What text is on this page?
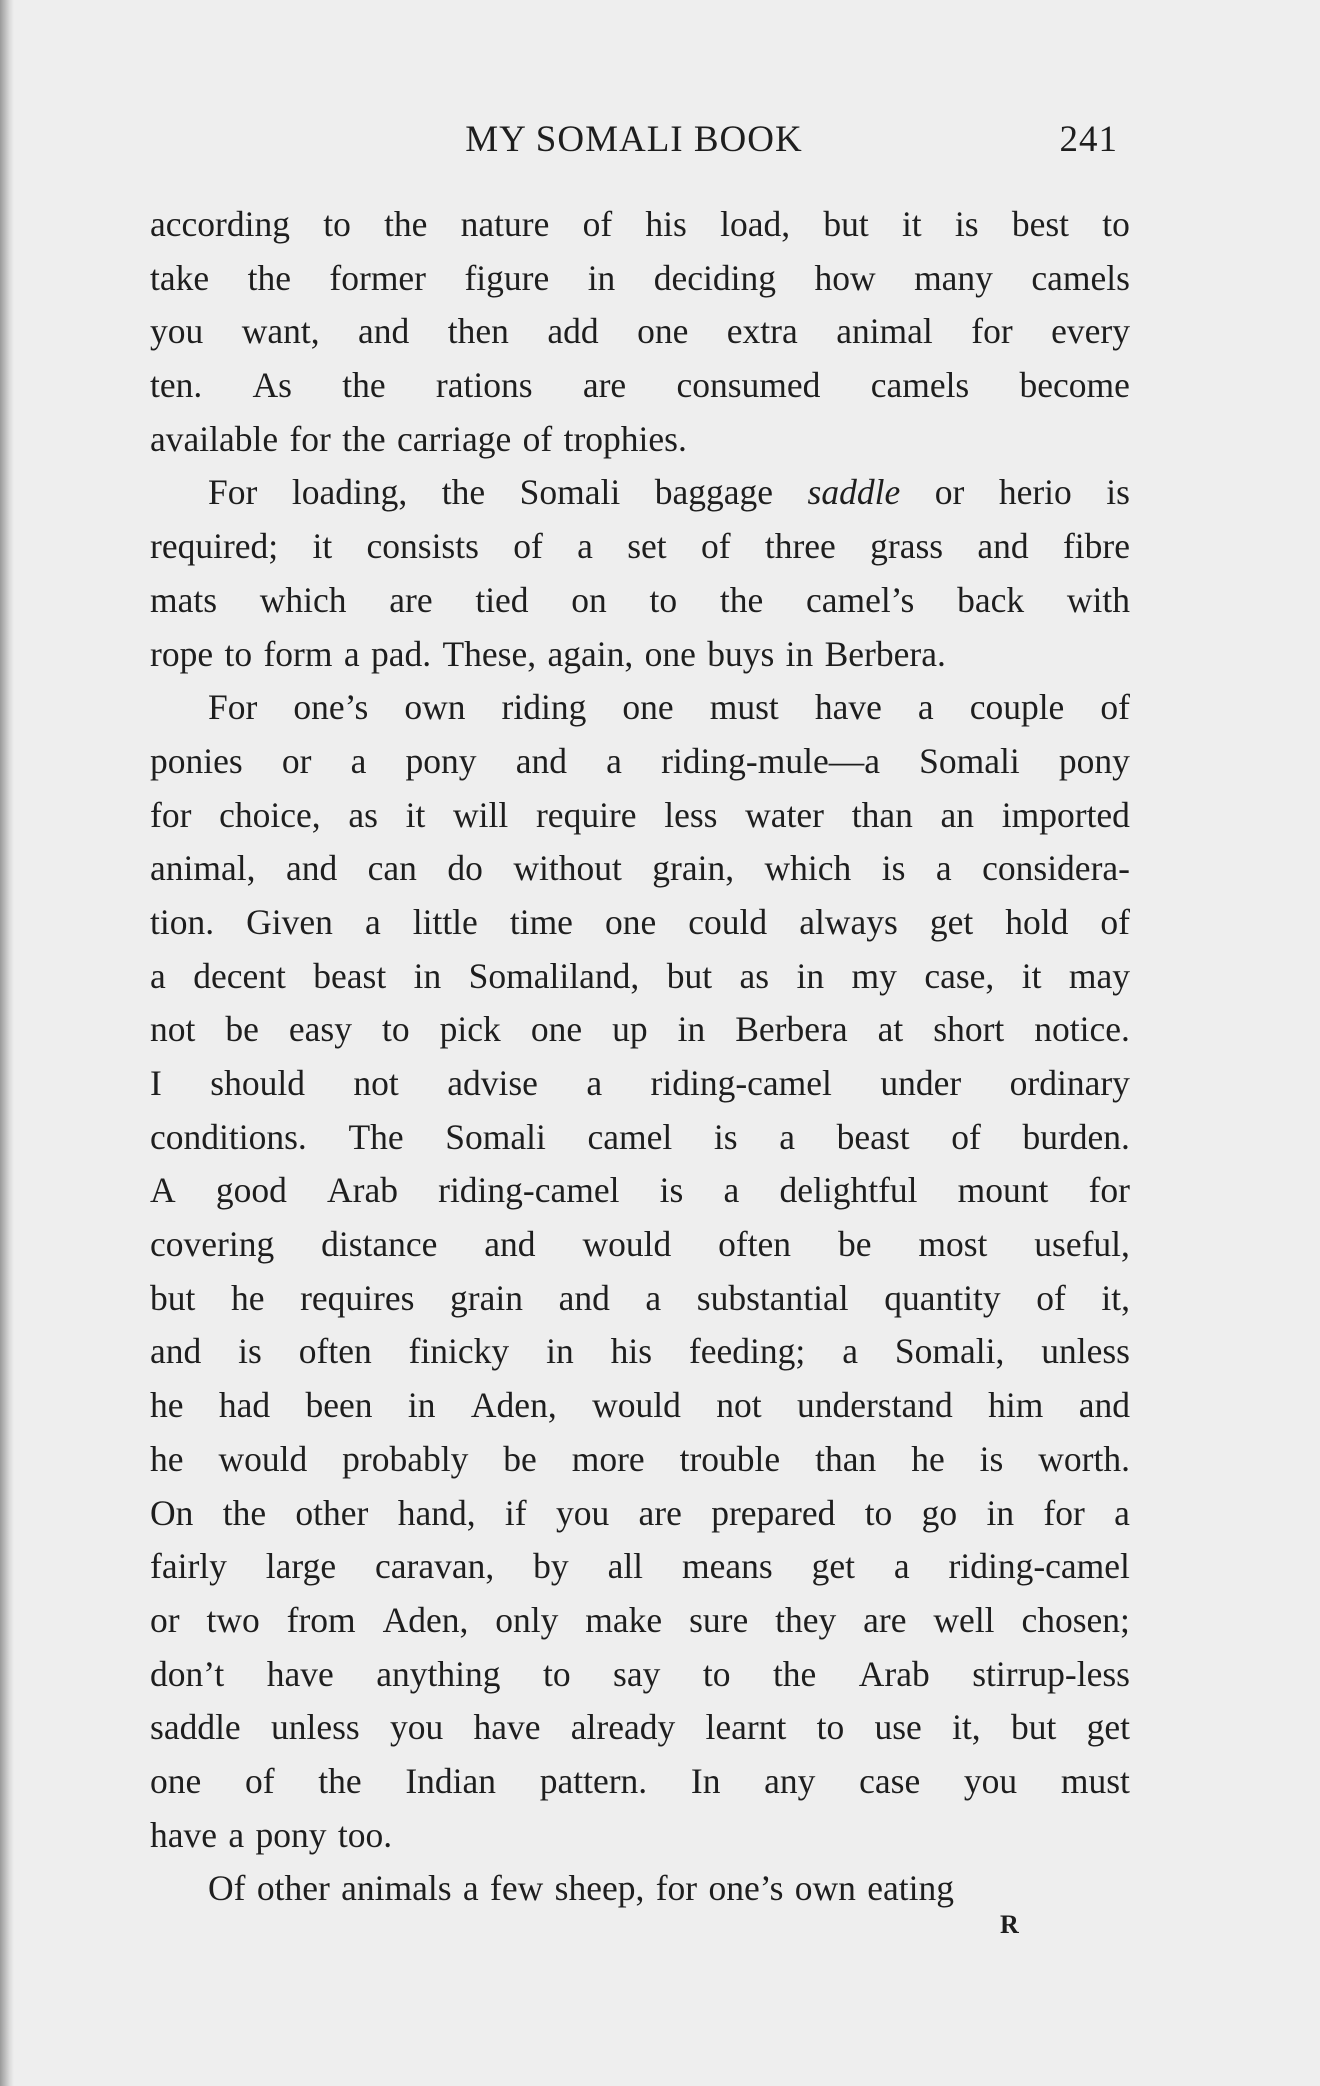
MY SOMALI BOOK	241
according to the nature of his load, but it is best to
take the former figure in deciding how many camels
you want, and then add one extra animal for every
ten. As the rations are consumed camels become
available for the carriage of trophies.
For loading, the Somali baggage saddle or herio is
required; it consists of a set of three grass and fibre
mats which are tied on to the camel’s back with
rope to form a pad. These, again, one buys in Berbera.
For one’s own riding one must have a couple of
ponies or a pony and a riding-mule—a Somali pony
for choice, as it will require less water than an imported
animal, and can do without grain, which is a considera-
tion. Given a little time one could always get hold of
a decent beast in Somaliland, but as in my case, it may
not be easy to pick one up in Berbera at short notice.
I should not advise a riding-camel under ordinary
conditions. The Somali camel is a beast of burden.
A good Arab riding-camel is a delightful mount for
covering distance and would often be most useful,
but he requires grain and a substantial quantity of it,
and is often finicky in his feeding; a Somali, unless
he had been in Aden, would not understand him and
he would probably be more trouble than he is worth.
On the other hand, if you are prepared to go in for a
fairly large caravan, by all means get a riding-camel
or two from Aden, only make sure they are well chosen;
don’t have anything to say to the Arab stirrup-less
saddle unless you have already learnt to use it, but get
one of the Indian pattern. In any case you must
have a pony too.
Of other animals a few sheep, for one’s own eating
R
